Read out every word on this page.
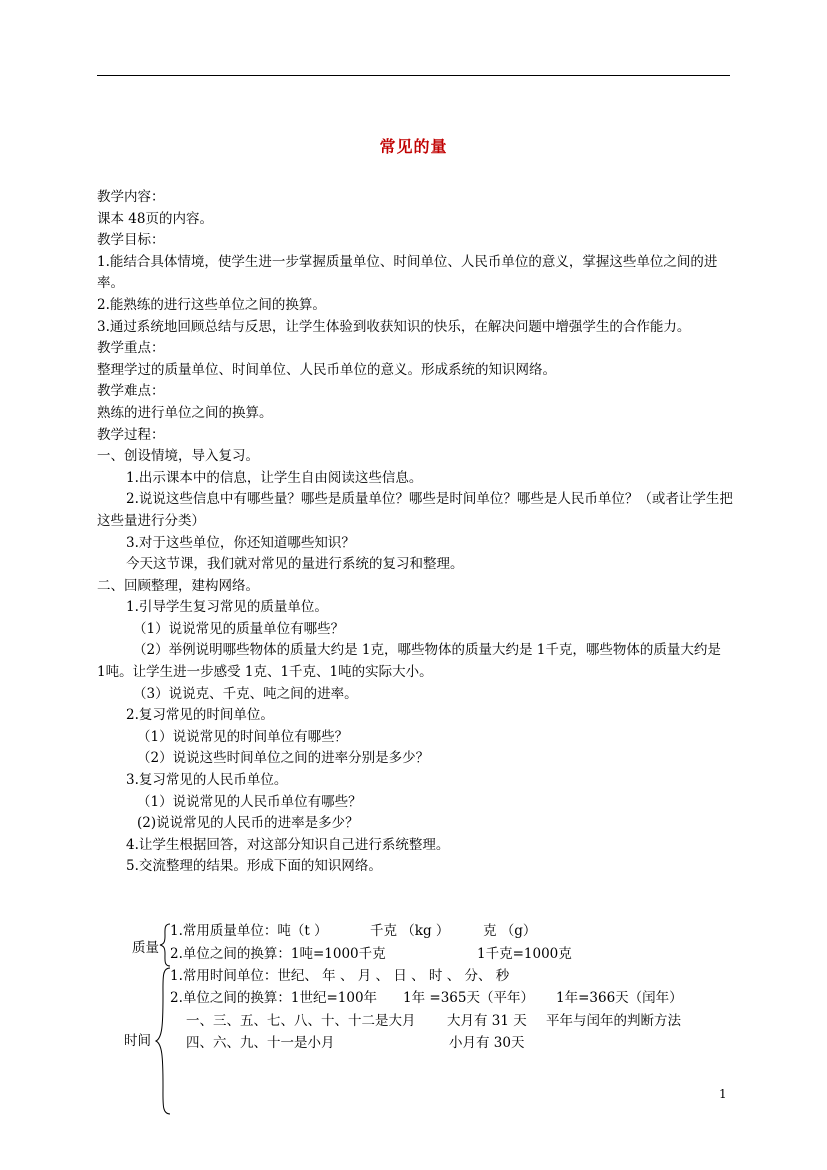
常见的量

教学内容：

课本 48页的内容。

教学目标：

1.能结合具体情境，使学生进一步掌握质量单位、时间单位、人民币单位的意义，掌握这些单位之间的进率。

2.能熟练的进行这些单位之间的换算。

3.通过系统地回顾总结与反思，让学生体验到收获知识的快乐，在解决问题中增强学生的合作能力。

教学重点：

整理学过的质量单位、时间单位、人民币单位的意义。形成系统的知识网络。

教学难点：

熟练的进行单位之间的换算。

教学过程：

一、创设情境，导入复习。

1.出示课本中的信息，让学生自由阅读这些信息。

2.说说这些信息中有哪些量？哪些是质量单位？哪些是时间单位？哪些是人民币单位？（或者让学生把这些量进行分类）

3.对于这些单位，你还知道哪些知识？

今天这节课，我们就对常见的量进行系统的复习和整理。

二、回顾整理，建构网络。

1.引导学生复习常见的质量单位。

（1）说说常见的质量单位有哪些？

（2）举例说明哪些物体的质量大约是 1克，哪些物体的质量大约是 1千克，哪些物体的质量大约是 1吨。让学生进一步感受 1克、1千克、1吨的实际大小。

（3）说说克、千克、吨之间的进率。

2.复习常见的时间单位。

（1）说说常见的时间单位有哪些？

（2）说说这些时间单位之间的进率分别是多少？

3.复习常见的人民币单位。

（1）说说常见的人民币单位有哪些？

(2)说说常见的人民币的进率是多少？

4.让学生根据回答，对这部分知识自己进行系统整理。

5.交流整理的结果。形成下面的知识网络。

质量
1.常用质量单位：吨（t ）	千克 （kg ） 克 （g）
2.单位之间的换算：1吨=1000千克	1千克=1000克
时间
1.常用时间单位：世纪、 年 、 月 、 日 、 时 、 分、 秒
2.单位之间的换算：1世纪=100年 1年 =365天（平年） 1年=366天（闰年）
一、三、五、七、八、十、十二是大月 大月有 31 天 平年与闰年的判断方法
四、六、九、十一是小月	小月有 30天
1
